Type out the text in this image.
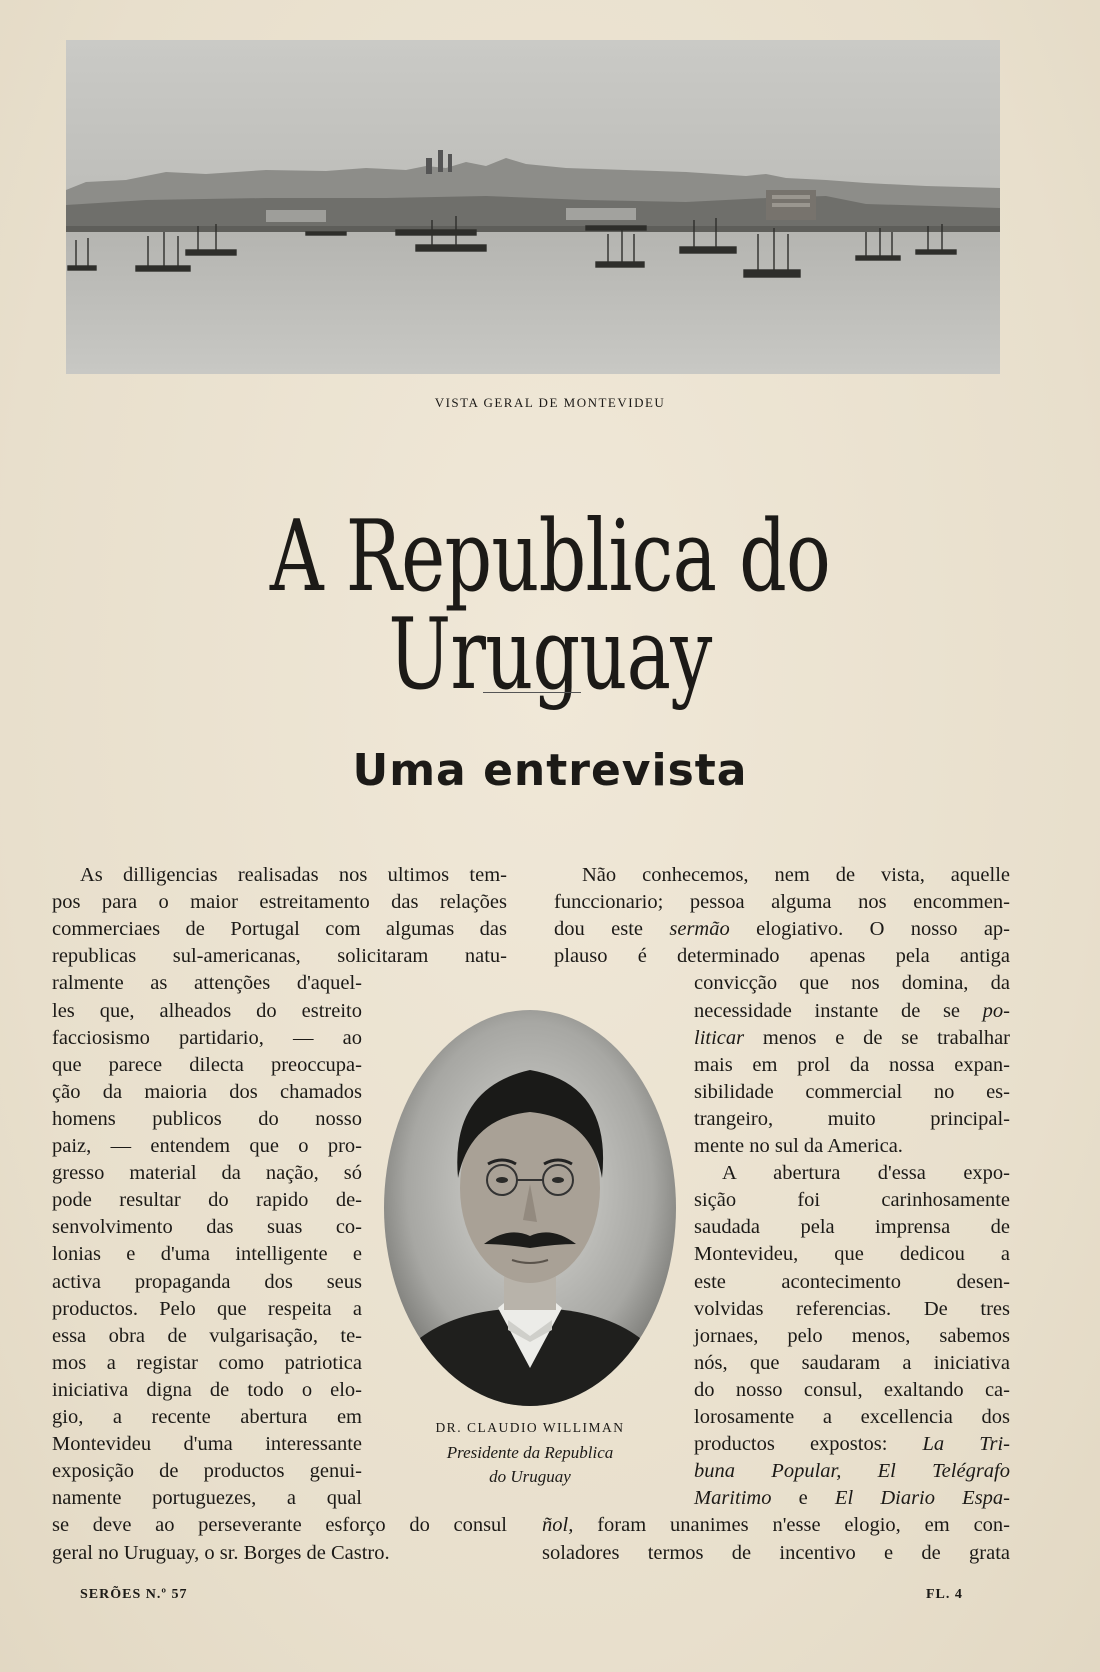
VISTA GERAL DE MONTEVIDEU
A Republica do Uruguay
Uma entrevista
As dilligencias realisadas nos ultimos tem-
pos para o maior estreitamento das relações
commerciaes de Portugal com algumas das
republicas sul-americanas, solicitaram natu-
ralmente as attenções d'aquel-
les que, alheados do estreito
facciosismo partidario, — ao
que parece dilecta preoccupa-
ção da maioria dos chamados
homens publicos do nosso
paiz, — entendem que o pro-
gresso material da nação, só
pode resultar do rapido de-
senvolvimento das suas co-
lonias e d'uma intelligente e
activa propaganda dos seus
productos. Pelo que respeita a
essa obra de vulgarisação, te-
mos a registar como patriotica
iniciativa digna de todo o elo-
gio, a recente abertura em
Montevideu d'uma interessante
exposição de productos genui-
namente portuguezes, a qual
se deve ao perseverante esforço do consul
geral no Uruguay, o sr. Borges de Castro.
Não conhecemos, nem de vista, aquelle
funccionario; pessoa alguma nos encommen-
dou este sermão elogiativo. O nosso ap-
plauso é determinado apenas pela antiga
convicção que nos domina, da
necessidade instante de se po-
liticar menos e de se trabalhar
mais em prol da nossa expan-
sibilidade commercial no es-
trangeiro, muito principal-
mente no sul da America.
A abertura d'essa expo-
sição foi carinhosamente
saudada pela imprensa de
Montevideu, que dedicou a
este acontecimento desen-
volvidas referencias. De tres
jornaes, pelo menos, sabemos
nós, que saudaram a iniciativa
do nosso consul, exaltando ca-
lorosamente a excellencia dos
productos expostos: La Tri-
buna Popular, El Telégrafo
Maritimo e El Diario Espa-
ñol, foram unanimes n'esse elogio, em con-
soladores termos de incentivo e de grata
DR. CLAUDIO WILLIMAN
Presidente da Republica
do Uruguay
SERÕES N.º 57	FL. 4
